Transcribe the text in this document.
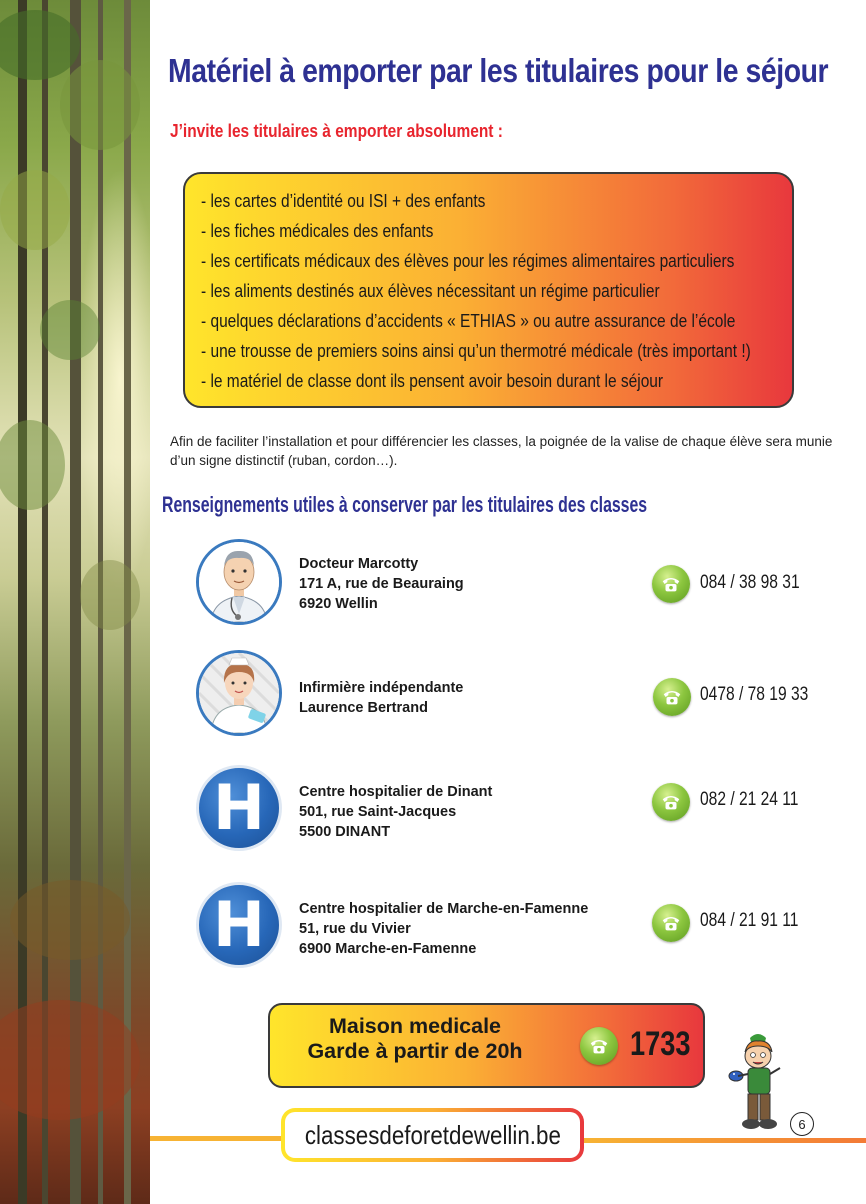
Matériel à emporter par les titulaires pour le séjour
J’invite les titulaires à emporter absolument :
- les cartes d’identité ou ISI + des enfants
- les fiches médicales des enfants
- les certificats médicaux des élèves pour les régimes alimentaires particuliers
- les aliments destinés aux élèves nécessitant un régime particulier
- quelques déclarations d’accidents « ETHIAS » ou autre assurance de l’école
- une trousse de premiers soins ainsi qu’un thermotré médicale (très important !)
- le matériel de classe dont ils pensent avoir besoin durant le séjour
Afin de faciliter l’installation et pour différencier les classes, la poignée de la valise de chaque élève sera munie d’un signe distinctif (ruban, cordon…).
Renseignements utiles à conserver par les titulaires des classes
Docteur Marcotty
171 A, rue de Beauraing
6920 Wellin
084 / 38 98 31
Infirmière indépendante
Laurence Bertrand
0478 / 78 19 33
H Centre hospitalier de Dinant
501, rue Saint-Jacques
5500 DINANT
082 / 21 24 11
H Centre hospitalier de Marche-en-Famenne
51, rue du Vivier
6900 Marche-en-Famenne
084 / 21 91 11
Maison medicale
Garde à partir de 20h	1733
classesdeforetdewellin.be	6
